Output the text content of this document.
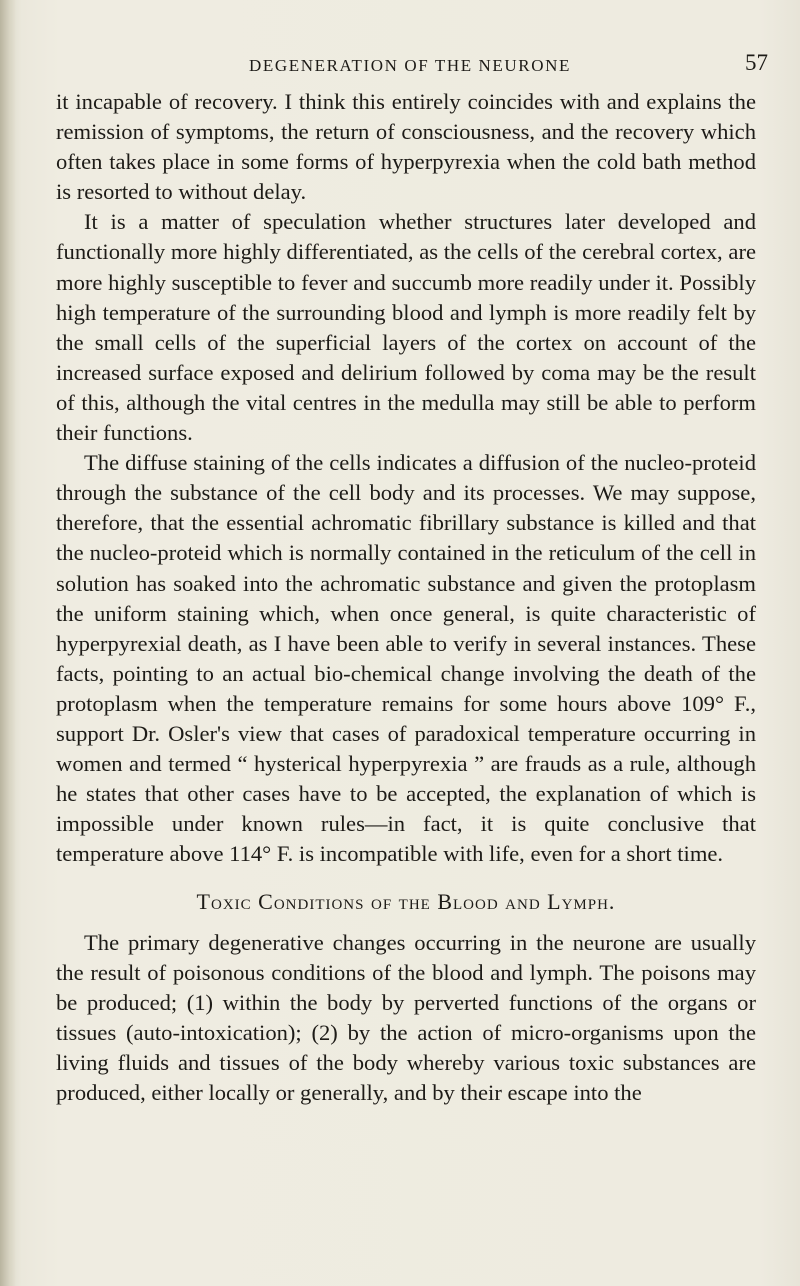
DEGENERATION OF THE NEURONE	57

it incapable of recovery. I think this entirely coincides with and explains the remission of symptoms, the return of consciousness, and the recovery which often takes place in some forms of hyperpyrexia when the cold bath method is resorted to without delay.

It is a matter of speculation whether structures later developed and functionally more highly differentiated, as the cells of the cerebral cortex, are more highly susceptible to fever and succumb more readily under it. Possibly high temperature of the surrounding blood and lymph is more readily felt by the small cells of the superficial layers of the cortex on account of the increased surface exposed and delirium followed by coma may be the result of this, although the vital centres in the medulla may still be able to perform their functions.

The diffuse staining of the cells indicates a diffusion of the nucleo-proteid through the substance of the cell body and its processes. We may suppose, therefore, that the essential achromatic fibrillary substance is killed and that the nucleo-proteid which is normally contained in the reticulum of the cell in solution has soaked into the achromatic substance and given the protoplasm the uniform staining which, when once general, is quite characteristic of hyperpyrexial death, as I have been able to verify in several instances. These facts, pointing to an actual bio-chemical change involving the death of the protoplasm when the temperature remains for some hours above 109° F., support Dr. Osler's view that cases of paradoxical temperature occurring in women and termed “ hysterical hyperpyrexia ” are frauds as a rule, although he states that other cases have to be accepted, the explanation of which is impossible under known rules—in fact, it is quite conclusive that temperature above 114° F. is incompatible with life, even for a short time.

Toxic Conditions of the Blood and Lymph.

The primary degenerative changes occurring in the neurone are usually the result of poisonous conditions of the blood and lymph. The poisons may be produced; (1) within the body by perverted functions of the organs or tissues (auto-intoxication); (2) by the action of micro-organisms upon the living fluids and tissues of the body whereby various toxic substances are produced, either locally or generally, and by their escape into the
